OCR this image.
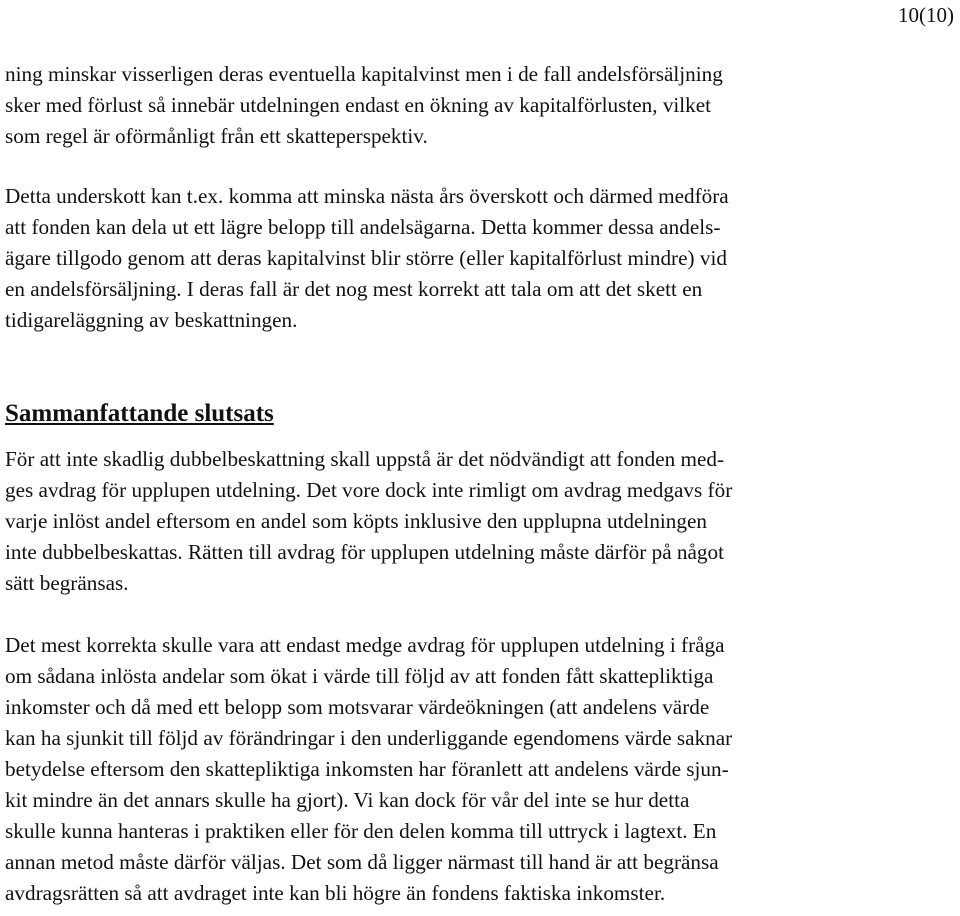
10(10)
ning minskar visserligen deras eventuella kapitalvinst men i de fall andelsförsäljning
sker med förlust så innebär utdelningen endast en ökning av kapitalförlusten, vilket
som regel är oförmånligt från ett skatteperspektiv.
Detta underskott kan t.ex. komma att minska nästa års överskott och därmed medföra
att fonden kan dela ut ett lägre belopp till andelsägarna. Detta kommer dessa andels-
ägare tillgodo genom att deras kapitalvinst blir större (eller kapitalförlust mindre) vid
en andelsförsäljning. I deras fall är det nog mest korrekt att tala om att det skett en
tidigareläggning av beskattningen.
Sammanfattande slutsats
För att inte skadlig dubbelbeskattning skall uppstå är det nödvändigt att fonden med-
ges avdrag för upplupen utdelning. Det vore dock inte rimligt om avdrag medgavs för
varje inlöst andel eftersom en andel som köpts inklusive den upplupna utdelningen
inte dubbelbeskattas. Rätten till avdrag för upplupen utdelning måste därför på något
sätt begränsas.
Det mest korrekta skulle vara att endast medge avdrag för upplupen utdelning i fråga
om sådana inlösta andelar som ökat i värde till följd av att fonden fått skattepliktiga
inkomster och då med ett belopp som motsvarar värdeökningen (att andelens värde
kan ha sjunkit till följd av förändringar i den underliggande egendomens värde saknar
betydelse eftersom den skattepliktiga inkomsten har föranlett att andelens värde sjun-
kit mindre än det annars skulle ha gjort). Vi kan dock för vår del inte se hur detta
skulle kunna hanteras i praktiken eller för den delen komma till uttryck i lagtext. En
annan metod måste därför väljas. Det som då ligger närmast till hand är att begränsa
avdragsrätten så att avdraget inte kan bli högre än fondens faktiska inkomster.
